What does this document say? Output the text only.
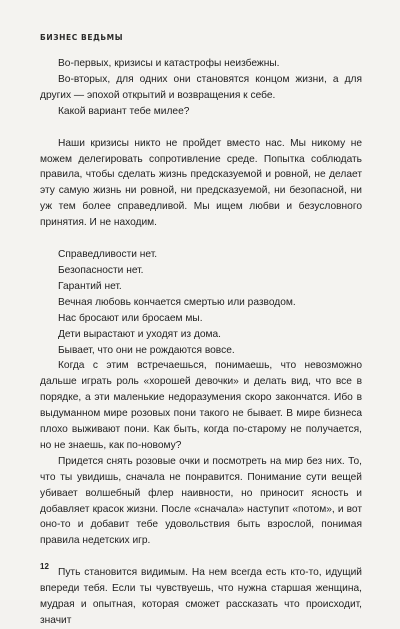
БИЗНЕС ВЕДЬМЫ

Во-первых, кризисы и катастрофы неизбежны.

Во-вторых, для одних они становятся концом жизни, а для других — эпохой открытий и возвращения к себе.

Какой вариант тебе милее?

Наши кризисы никто не пройдет вместо нас. Мы никому не можем делегировать сопротивление среде. Попытка соблюдать правила, чтобы сделать жизнь предсказуемой и ровной, не делает эту самую жизнь ни ровной, ни предсказуемой, ни безопасной, ни уж тем более справедливой. Мы ищем любви и безусловного принятия. И не находим.

Справедливости нет.
Безопасности нет.
Гарантий нет.
Вечная любовь кончается смертью или разводом.
Нас бросают или бросаем мы.
Дети вырастают и уходят из дома.
Бывает, что они не рождаются вовсе.

Когда с этим встречаешься, понимаешь, что невозможно дальше играть роль «хорошей девочки» и делать вид, что все в порядке, а эти маленькие недоразумения скоро закончатся. Ибо в выдуманном мире розовых пони такого не бывает. В мире бизнеса плохо выживают пони. Как быть, когда по-старому не получается, но не знаешь, как по-новому?

Придется снять розовые очки и посмотреть на мир без них. То, что ты увидишь, сначала не понравится. Понимание сути вещей убивает волшебный флер наивности, но приносит ясность и добавляет красок жизни. После «сначала» наступит «потом», и вот оно-то и добавит тебе удовольствия быть взрослой, понимая правила недетских игр.

Путь становится видимым. На нем всегда есть кто-то, идущий впереди тебя. Если ты чувствуешь, что нужна старшая женщина, мудрая и опытная, которая сможет рассказать что происходит, значит

12
